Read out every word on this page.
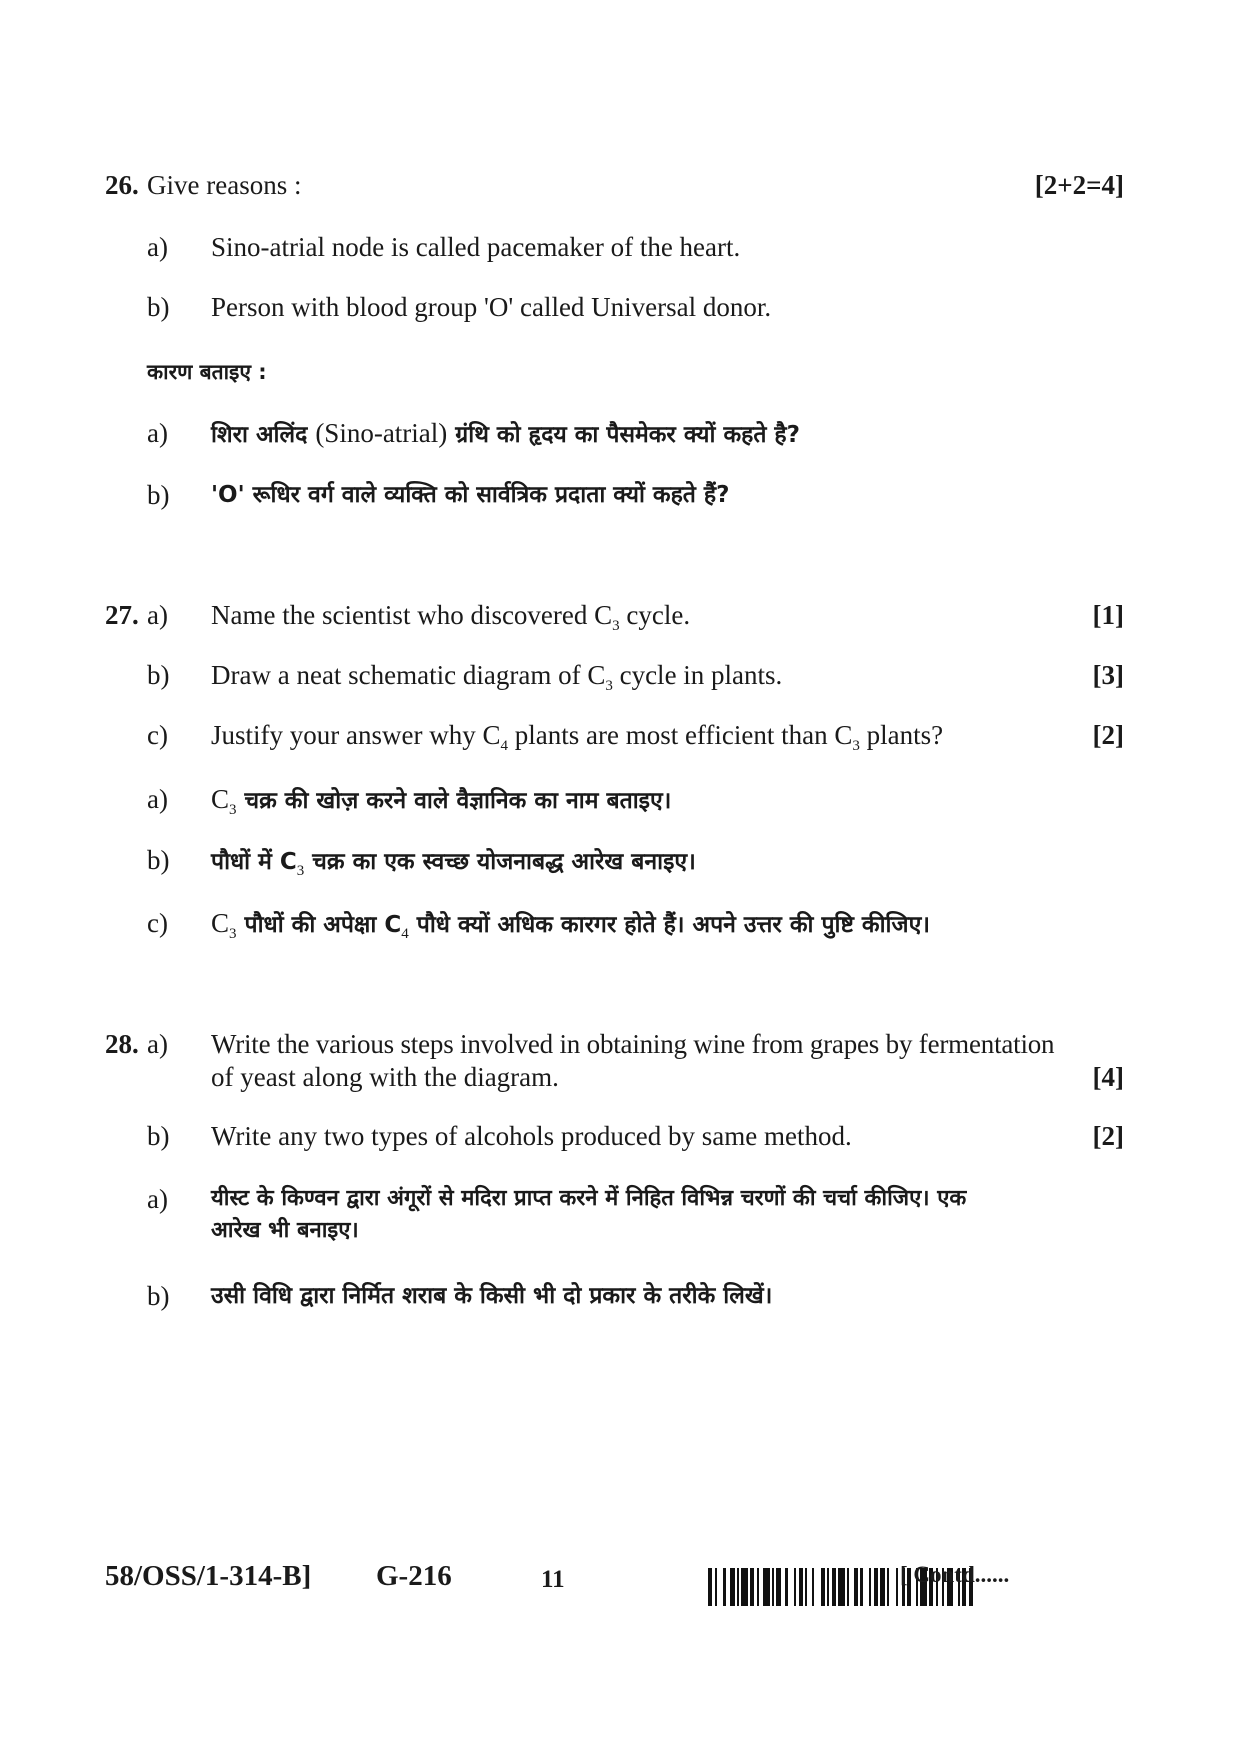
26. Give reasons :	[2+2=4]
a) Sino-atrial node is called pacemaker of the heart.
b) Person with blood group 'O' called Universal donor.
कारण बताइए :
a) शिरा अलिंद (Sino-atrial) ग्रंथि को हृदय का पैसमेकर क्यों कहते है?
b) 'O' रूधिर वर्ग वाले व्यक्ति को सार्वत्रिक प्रदाता क्यों कहते हैं?
27. a) Name the scientist who discovered $C_3$ cycle.	[1]
b) Draw a neat schematic diagram of $C_3$ cycle in plants.	[3]
c) Justify your answer why $C_4$ plants are most efficient than $C_3$ plants?	[2]
a) $C_3$ चक्र की खोज़ करने वाले वैज्ञानिक का नाम बताइए।
b) पौधों में $C_3$ चक्र का एक स्वच्छ योजनाबद्ध आरेख बनाइए।
c) $C_3$ पौधों की अपेक्षा $C_4$ पौधे क्यों अधिक कारगर होते हैं। अपने उत्तर की पुष्टि कीजिए।
28. a) Write the various steps involved in obtaining wine from grapes by fermentation
of yeast along with the diagram.	[4]
b) Write any two types of alcohols produced by same method.	[2]
a) यीस्ट के किण्वन द्वारा अंगूरों से मदिरा प्राप्त करने में निहित विभिन्न चरणों की चर्चा कीजिए। एक
आरेख भी बनाइए।
b) उसी विधि द्वारा निर्मित शराब के किसी भी दो प्रकार के तरीके लिखें।
58/OSS/1-314-B] G-216	11	[ Contd......
